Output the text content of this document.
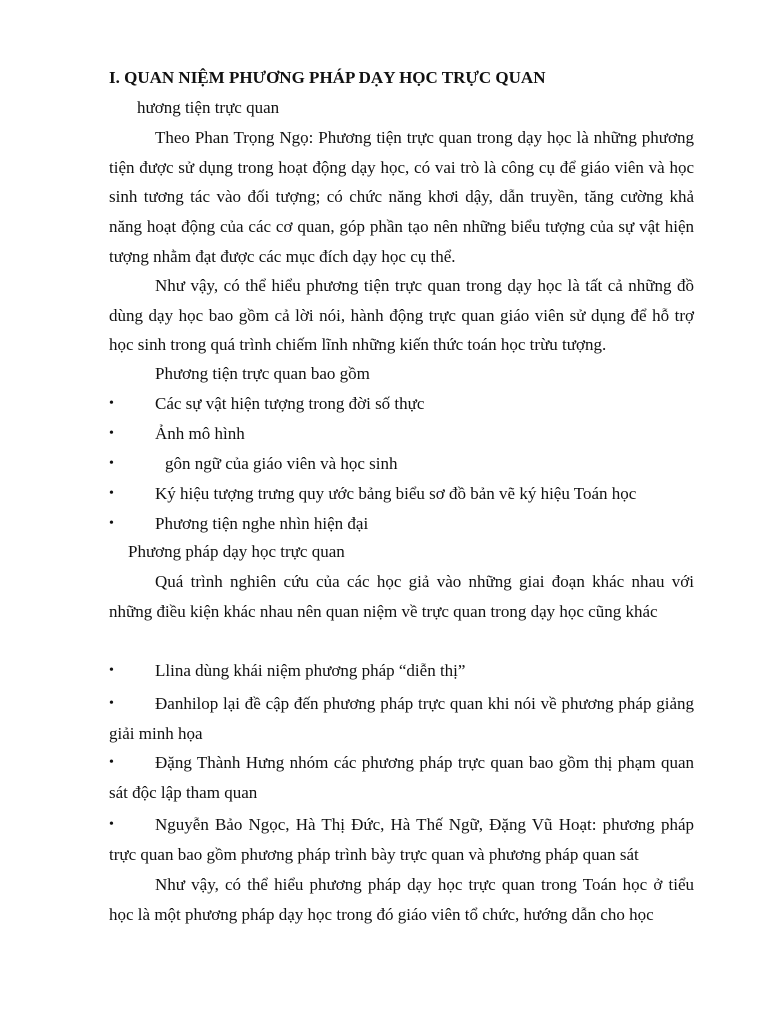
I. QUAN NIỆM PHƯƠNG PHÁP DẠY HỌC TRỰC QUAN
hương tiện trực quan

Theo Phan Trọng Ngọ: Phương tiện trực quan trong dạy học là những phương tiện được sử dụng trong hoạt động dạy học, có vai trò là công cụ để giáo viên và học sinh tương tác vào đối tượng; có chức năng khơi dậy, dẫn truyền, tăng cường khả năng hoạt động của các cơ quan, góp phần tạo nên những biểu tượng của sự vật hiện tượng nhằm đạt được các mục đích dạy học cụ thể.

Như vậy, có thể hiểu phương tiện trực quan trong dạy học là tất cả những đồ dùng dạy học bao gồm cả lời nói, hành động trực quan giáo viên sử dụng để hỗ trợ học sinh trong quá trình chiếm lĩnh những kiến thức toán học trừu tượng.

Phương tiện trực quan bao gồm
•	Các sự vật hiện tượng trong đời số thực
•	Ảnh mô hình
•	gôn ngữ của giáo viên và học sinh
•	Ký hiệu tượng trưng quy ước bảng biểu sơ đồ bản vẽ ký hiệu Toán học
•	Phương tiện nghe nhìn hiện đại
Phương pháp dạy học trực quan

Quá trình nghiên cứu của các học giả vào những giai đoạn khác nhau với những điều kiện khác nhau nên quan niệm về trực quan trong dạy học cũng khác

•	Llina dùng khái niệm phương pháp “diễn thị”
•	Đanhilop lại đề cập đến phương pháp trực quan khi nói về phương pháp giảng giải minh họa
•	Đặng Thành Hưng nhóm các phương pháp trực quan bao gồm thị phạm quan sát độc lập tham quan
•	Nguyễn Bảo Ngọc, Hà Thị Đức, Hà Thế Ngữ, Đặng Vũ Hoạt: phương pháp trực quan bao gồm phương pháp trình bày trực quan và phương pháp quan sát

Như vậy, có thể hiểu phương pháp dạy học trực quan trong Toán học ở tiểu học là một phương pháp dạy học trong đó giáo viên tổ chức, hướng dẫn cho học
